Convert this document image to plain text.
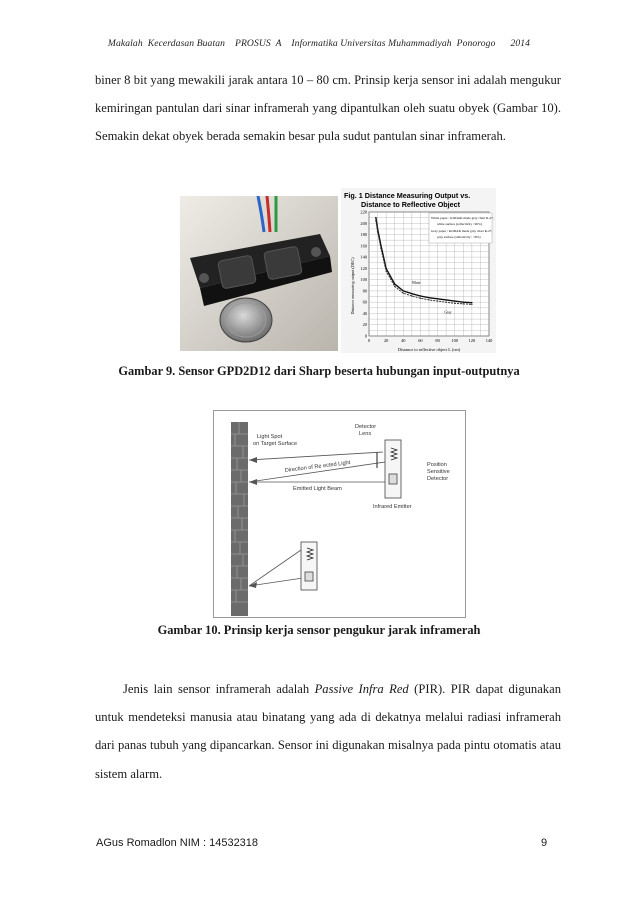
Makalah  Kecerdasan Buatan    PROSUS  A    Informatika Universitas Muhammadiyah  Ponorogo      2014

biner 8 bit yang mewakili jarak antara 10 – 80 cm. Prinsip kerja sensor ini adalah mengukur kemiringan pantulan dari sinar inframerah yang dipantulkan oleh suatu obyek (Gambar 10). Semakin dekat obyek berada semakin besar pula sudut pantulan sinar inframerah.

Fig. 1 Distance Measuring Output vs.
Distance to Reflective Object
Distance measuring output (DEC)
Distance to reflective object L (cm)
0	20	40	60	80	100 120 140
0
20
40
60
80
100
120
140
160
180
200
220
White
Gray
White paper : KODAK made gray chart R-27,
white surface (reflectivity : 90%)
Gray paper : KODAK made gray chart R-27,
gray surface (reflectivity : 18%)
Gambar 9. Sensor GPD2D12 dari Sharp beserta hubungan input-outputnya
Light Spot
on Target Surface
Detector
Lens
Direction of Re ected Light
Emitted Light Beam
Position
Sensitive
Detector
Infrared Emitter
Gambar 10. Prinsip kerja sensor pengukur jarak inframerah

Jenis lain sensor inframerah adalah Passive Infra Red (PIR). PIR dapat digunakan untuk mendeteksi manusia atau binatang yang ada di dekatnya melalui radiasi inframerah dari panas tubuh yang dipancarkan. Sensor ini digunakan misalnya pada pintu otomatis atau sistem alarm.

AGus Romadlon NIM : 14532318	9
